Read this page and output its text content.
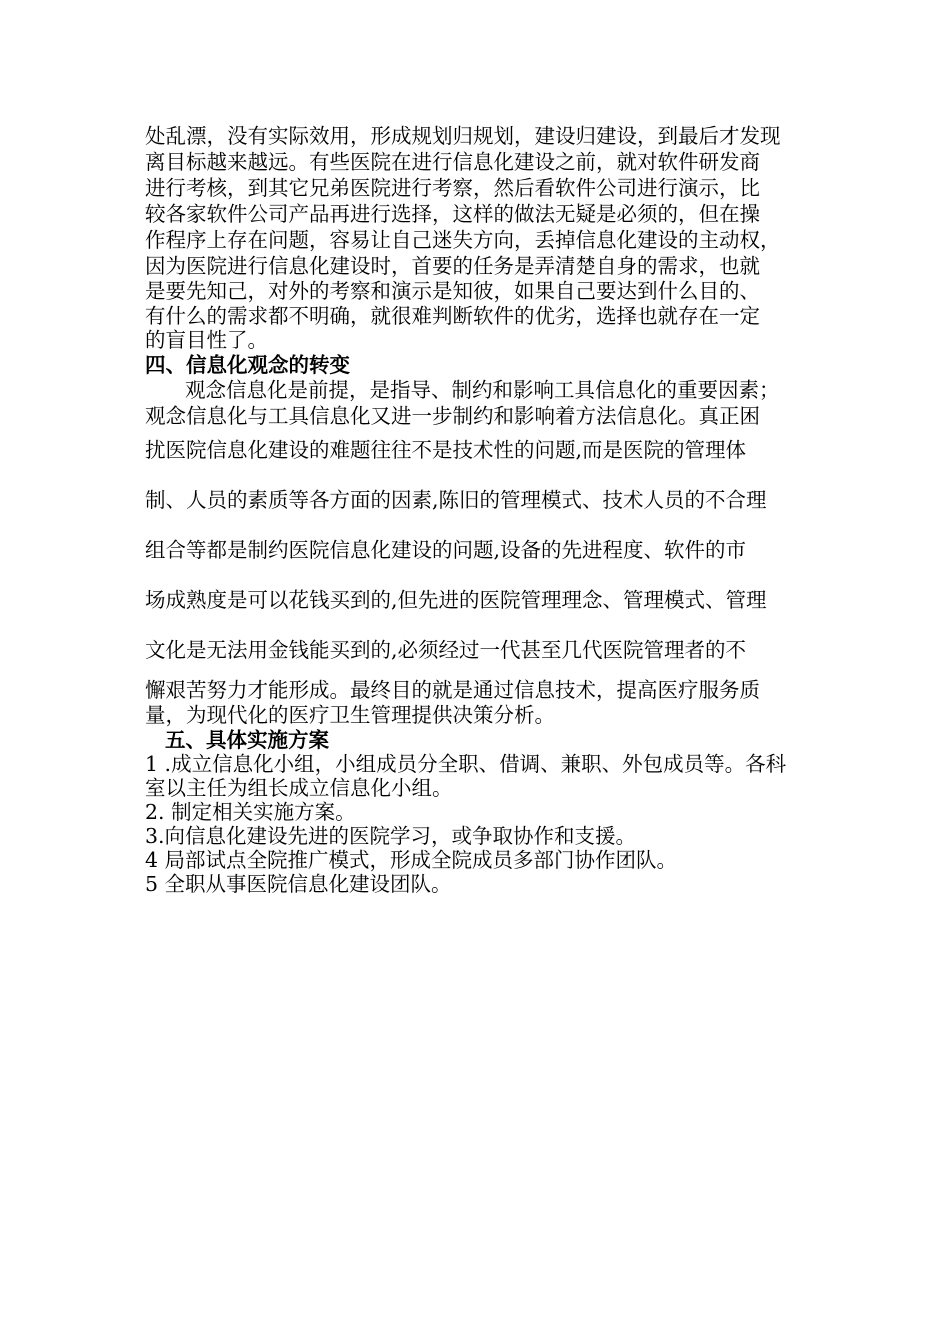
处乱漂，没有实际效用，形成规划归规划，建设归建设，到最后才发现
离目标越来越远。有些医院在进行信息化建设之前，就对软件研发商
进行考核，到其它兄弟医院进行考察，然后看软件公司进行演示，比
较各家软件公司产品再进行选择，这样的做法无疑是必须的，但在操
作程序上存在问题，容易让自己迷失方向，丢掉信息化建设的主动权，
因为医院进行信息化建设时，首要的任务是弄清楚自身的需求，也就
是要先知己，对外的考察和演示是知彼，如果自己要达到什么目的、
有什么的需求都不明确，就很难判断软件的优劣，选择也就存在一定
的盲目性了。
四、信息化观念的转变
观念信息化是前提，是指导、制约和影响工具信息化的重要因素；
观念信息化与工具信息化又进一步制约和影响着方法信息化。真正困
扰医院信息化建设的难题往往不是技术性的问题,而是医院的管理体
制、人员的素质等各方面的因素,陈旧的管理模式、技术人员的不合理
组合等都是制约医院信息化建设的问题,设备的先进程度、软件的市
场成熟度是可以花钱买到的,但先进的医院管理理念、管理模式、管理
文化是无法用金钱能买到的,必须经过一代甚至几代医院管理者的不
懈艰苦努力才能形成。最终目的就是通过信息技术，提高医疗服务质
量，为现代化的医疗卫生管理提供决策分析。
五、具体实施方案
1 .成立信息化小组，小组成员分全职、借调、兼职、外包成员等。各科
室以主任为组长成立信息化小组。
2. 制定相关实施方案。
3.向信息化建设先进的医院学习，或争取协作和支援。
4 局部试点全院推广模式，形成全院成员多部门协作团队。
5 全职从事医院信息化建设团队。
